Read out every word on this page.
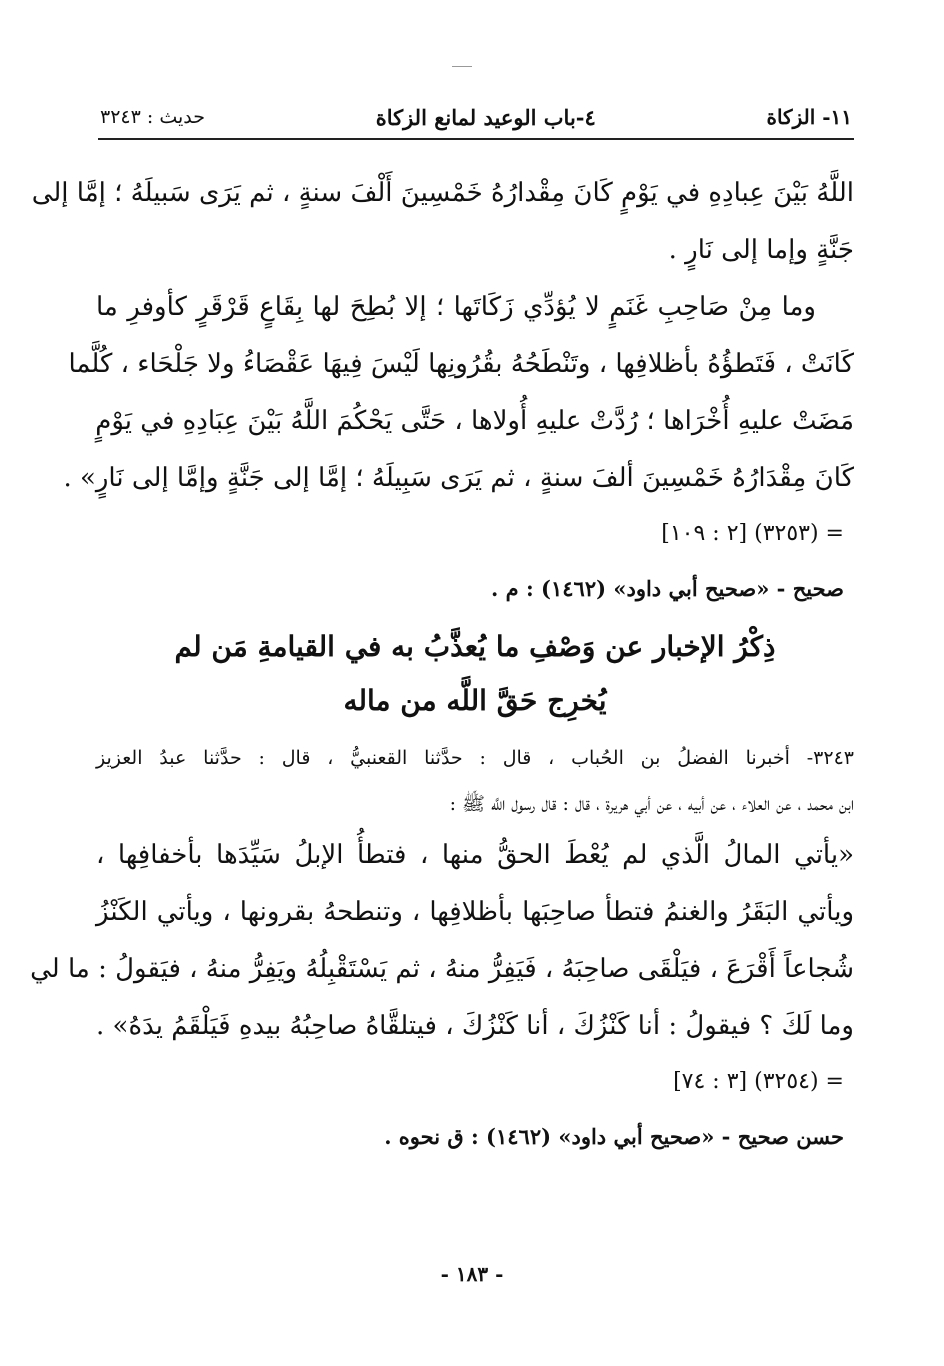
١١- الزكاة
٤-باب الوعيد لمانع الزكاة
حديث : ٣٢٤٣
اللَّهُ بَيْنَ عِبادِهِ في يَوْمٍ كَانَ مِقْدارُهُ خَمْسِينَ أَلْفَ سنةٍ ، ثم يَرَى سَبيلَهُ ؛ إمَّا إلى
جَنَّةٍ وإما إلى نَارٍ .
وما مِنْ صَاحِبِ غَنَمٍ لا يُؤدِّي زَكَاتَها ؛ إلا بُطِحَ لها بِقَاعٍ قَرْقَرٍ كأوفرِ ما
كَانَتْ ، فَتَطؤُهُ بأظلافِها ، وتَنْطَحُهُ بقُرُونِها لَيْسَ فِيهَا عَقْصَاءُ ولا جَلْحَاء ، كُلَّما
مَضَتْ عليهِ أُخْرَاها ؛ رُدَّتْ عليهِ أُولاها ، حَتَّى يَحْكُمَ اللَّهُ بَيْنَ عِبَادِهِ في يَوْمٍ
كَانَ مِقْدَارُهُ خَمْسِينَ ألفَ سنةٍ ، ثم يَرَى سَبِيلَهُ ؛ إمَّا إلى جَنَّةٍ وإمَّا إلى نَارٍ» .
= (٣٢٥٣) [٢ : ١٠٩]
صحيح - «صحيح أبي داود» (١٤٦٢) : م .
ذِكْرُ الإخبار عن وَصْفِ ما يُعذَّبُ به في القيامةِ مَن لم
يُخرِج حَقَّ اللَّه من ماله
٣٢٤٣- أخبرنا الفضلُ بن الحُباب ، قال : حدَّثنا القعنبيُّ ، قال : حدَّثنا عبدُ العزيز
ابن محمد ، عن العلاء ، عن أبيه ، عن أبي هريرة ، قال : قال رسول اللَّه ﷺ :
«يأتي المالُ الَّذي لم يُعْطَ الحقُّ منها ، فتطأُ الإبلُ سَيِّدَها بأخفافِها ،
ويأتي البَقَرُ والغنمُ فتطأ صاحِبَها بأظلافِها ، وتنطحهُ بقرونها ، ويأتي الكَنْزُ
شُجاعاً أَقْرَعَ ، فيَلْقَى صاحِبَهُ ، فَيَفِرُّ منهُ ، ثم يَسْتَقْبِلُهُ ويَفِرُّ منهُ ، فيَقولُ : ما لي
وما لَكَ ؟ فيقولُ : أنا كَنْزُكَ ، أنا كَنْزُكَ ، فيتلقَّاهُ صاحِبُهُ بيدهِ فَيَلْقَمُ يدَهُ» .
= (٣٢٥٤) [٣ : ٧٤]
حسن صحيح - «صحيح أبي داود» (١٤٦٢) : ق نحوه .
- ١٨٣ -
